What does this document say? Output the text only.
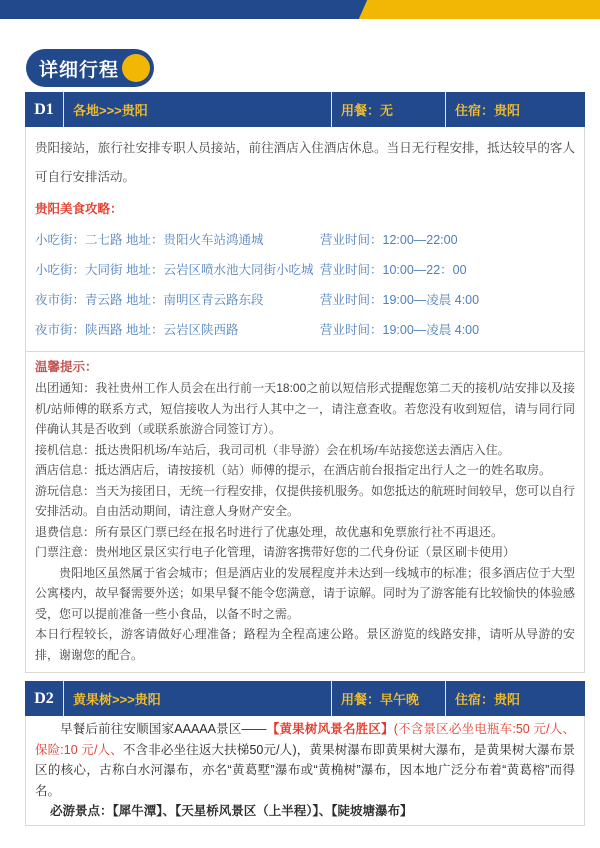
详细行程
D1	各地>>>贵阳	用餐：无	住宿：贵阳

贵阳接站，旅行社安排专职人员接站，前往酒店入住酒店休息。当日无行程安排，抵达较早的客人可自行安排活动。

贵阳美食攻略：

小吃街：二七路 地址：贵阳火车站鸿通城	营业时间：12:00—22:00
小吃街：大同街 地址：云岩区喷水池大同街小吃城 营业时间：10:00—22：00
夜市街：青云路 地址：南明区青云路东段	营业时间：19:00—凌晨 4:00
夜市街：陕西路 地址：云岩区陕西路	营业时间：19:00—凌晨 4:00

温馨提示：

出团通知：我社贵州工作人员会在出行前一天18:00之前以短信形式提醒您第二天的接机/站安排以及接机/站师傅的联系方式，短信接收人为出行人其中之一，请注意查收。若您没有收到短信，请与同行同伴确认其是否收到（或联系旅游合同签订方）。

接机信息：抵达贵阳机场/车站后，我司司机（非导游）会在机场/车站接您送去酒店入住。

酒店信息：抵达酒店后，请按接机（站）师傅的提示，在酒店前台报指定出行人之一的姓名取房。

游玩信息：当天为接团日，无统一行程安排，仅提供接机服务。如您抵达的航班时间较早，您可以自行安排活动。自由活动期间，请注意人身财产安全。

退费信息：所有景区门票已经在报名时进行了优惠处理，故优惠和免票旅行社不再退还。

门票注意：贵州地区景区实行电子化管理，请游客携带好您的二代身份证（景区刷卡使用）

贵阳地区虽然属于省会城市；但是酒店业的发展程度并未达到一线城市的标准；很多酒店位于大型公寓楼内，故早餐需要外送；如果早餐不能令您满意，请于谅解。同时为了游客能有比较愉快的体验感受，您可以提前准备一些小食品，以备不时之需。

本日行程较长，游客请做好心理准备；路程为全程高速公路。景区游览的线路安排，请听从导游的安排，谢谢您的配合。

D2	黄果树>>>贵阳	用餐：早午晚	住宿：贵阳

早餐后前往安顺国家AAAAA景区——【黄果树风景名胜区】(不含景区必坐电瓶车:50 元/人、保险:10 元/人、不含非必坐往返大扶梯50元/人)，黄果树瀑布即黄果树大瀑布，是黄果树大瀑布景区的核心，古称白水河瀑布，亦名“黄葛墅”瀑布或“黄桷树”瀑布，因本地广泛分布着“黄葛榕”而得名。

必游景点：【犀牛潭】、【天星桥风景区（上半程）】、【陡坡塘瀑布】
